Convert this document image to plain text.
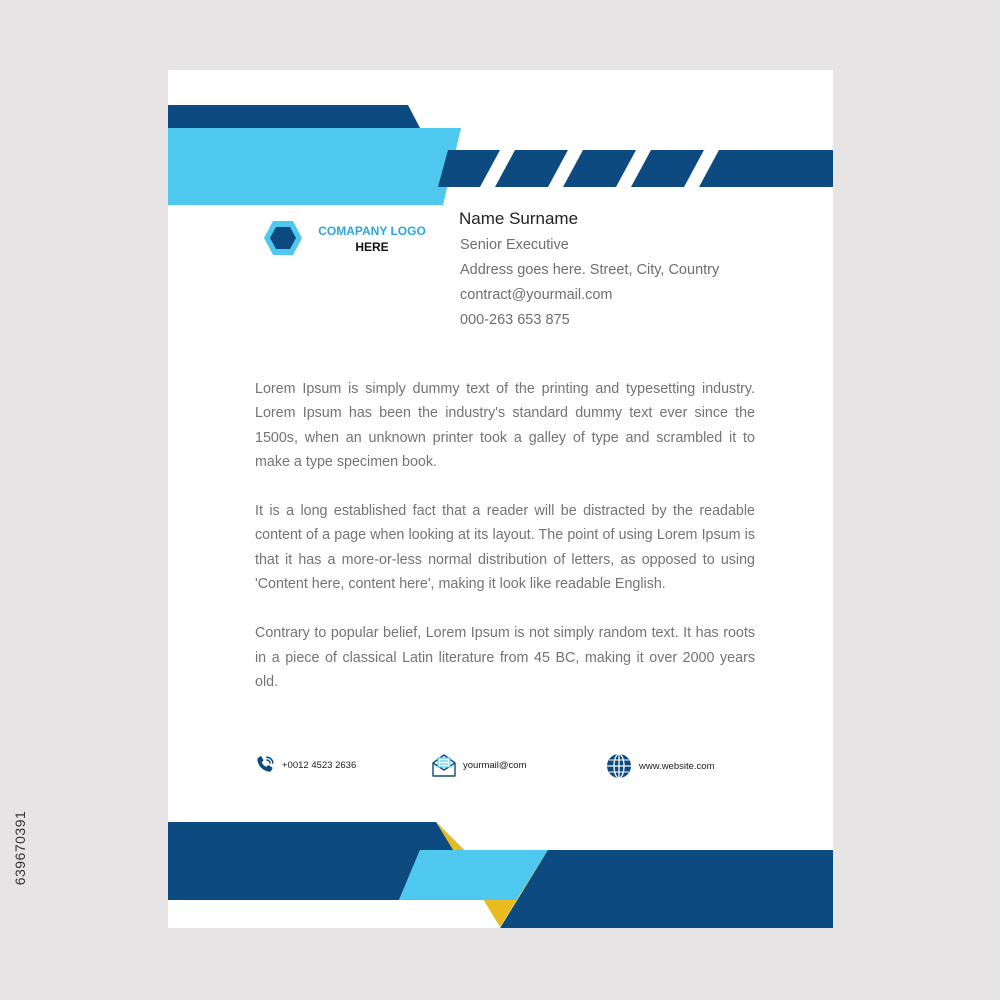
COMAPANY LOGO
HERE
Name Surname
Senior Executive
Address goes here. Street, City, Country
contract@yourmail.com
000-263 653 875

Lorem Ipsum is simply dummy text of the printing and typesetting industry. Lorem Ipsum has been the industry's standard dummy text ever since the 1500s, when an unknown printer took a galley of type and scrambled it to make a type specimen book.

It is a long established fact that a reader will be distracted by the readable content of a page when looking at its layout. The point of using Lorem Ipsum is that it has a more-or-less normal distribution of letters, as opposed to using 'Content here, content here', making it look like readable English.

Contrary to popular belief, Lorem Ipsum is not simply random text. It has roots in a piece of classical Latin literature from 45 BC, making it over 2000 years old.

+0012 4523 2636	yourmail@com	www.website.com
639670391
